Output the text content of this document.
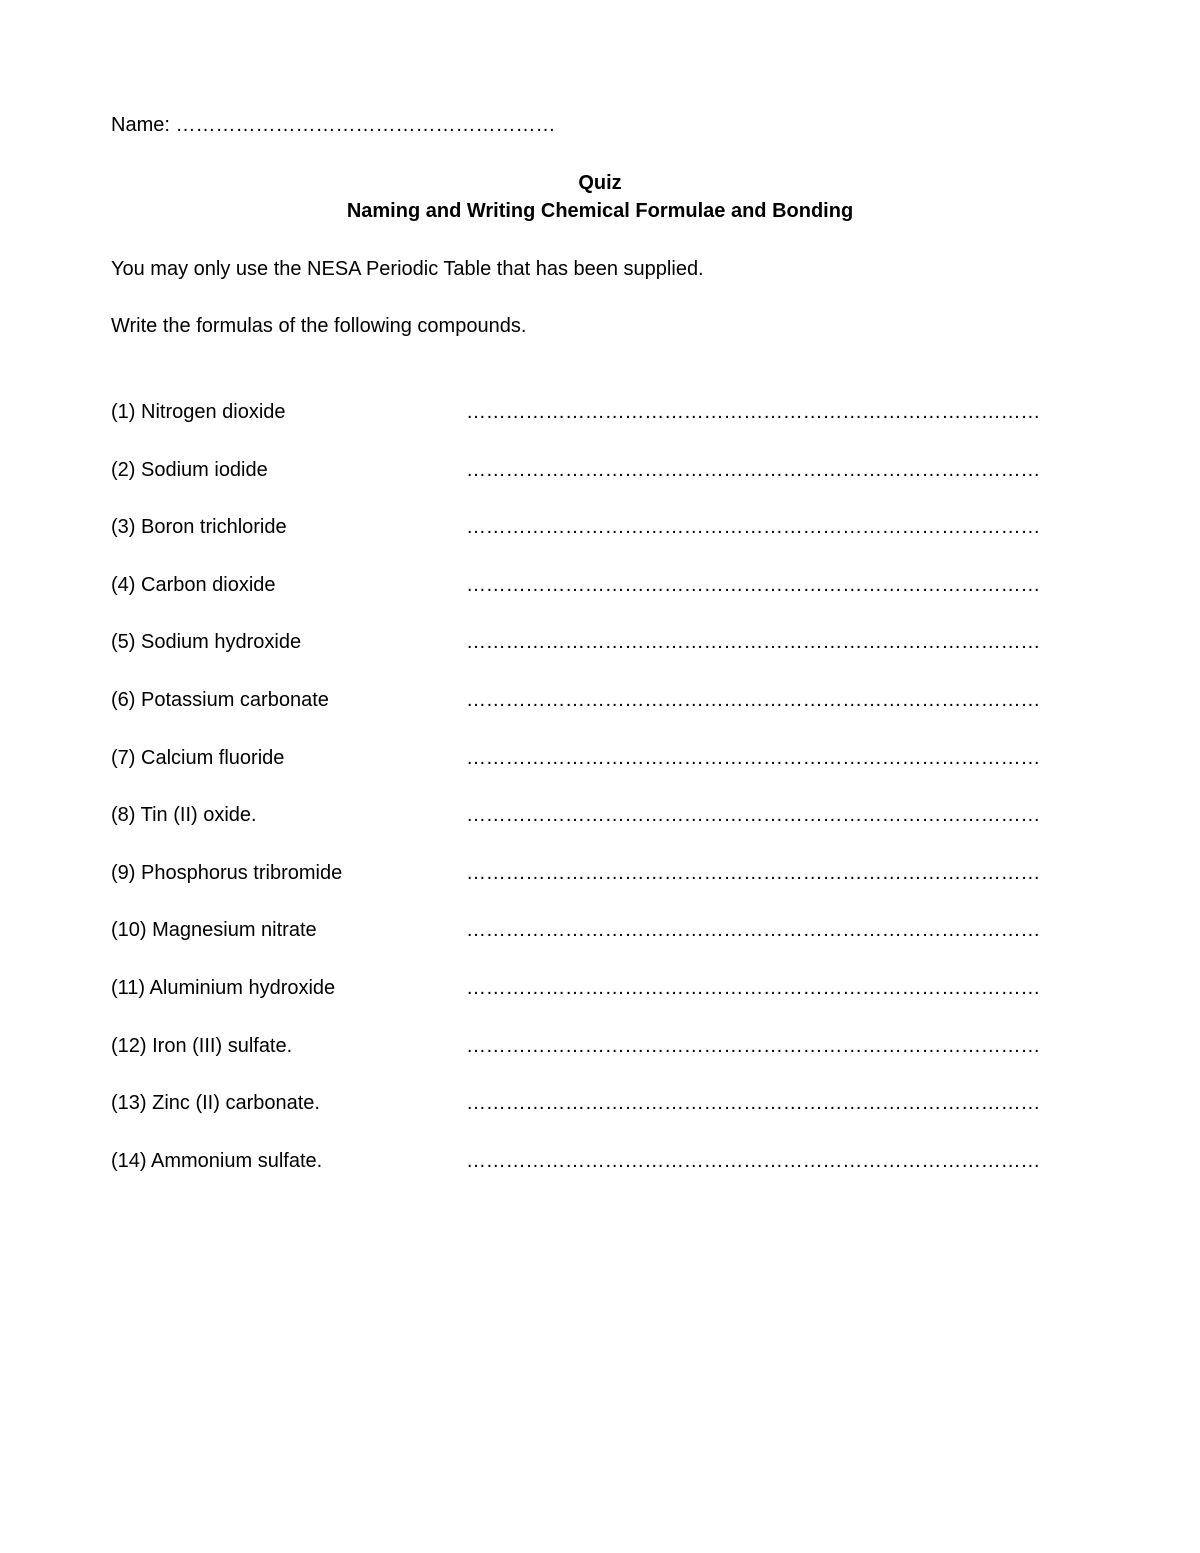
Name: …………………………………………………
Quiz
Naming and Writing Chemical Formulae and Bonding
You may only use the NESA Periodic Table that has been supplied.
Write the formulas of the following compounds.
(1) Nitrogen dioxide	……………………………………………………………………………
(2) Sodium iodide	……………………………………………………………………………
(3) Boron trichloride	……………………………………………………………………………
(4) Carbon dioxide	……………………………………………………………………………
(5) Sodium hydroxide	……………………………………………………………………………
(6) Potassium carbonate	……………………………………………………………………………
(7) Calcium fluoride	……………………………………………………………………………
(8) Tin (II) oxide.	……………………………………………………………………………
(9) Phosphorus tribromide	……………………………………………………………………………
(10) Magnesium nitrate	……………………………………………………………………………
(11) Aluminium hydroxide	……………………………………………………………………………
(12) Iron (III) sulfate.	……………………………………………………………………………
(13) Zinc (II) carbonate.	……………………………………………………………………………
(14) Ammonium sulfate.	……………………………………………………………………………
